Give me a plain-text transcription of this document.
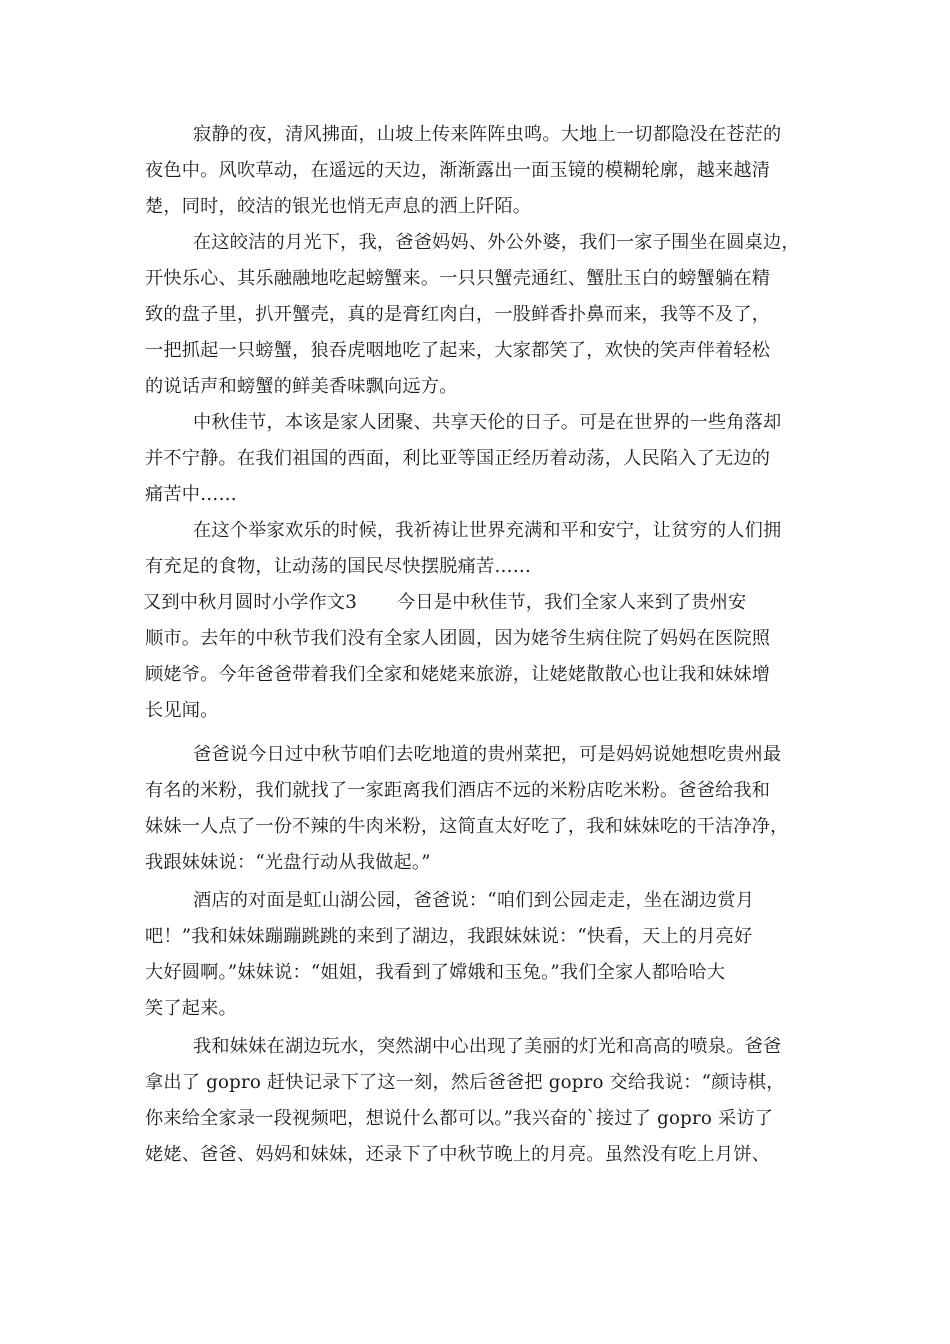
寂静的夜，清风拂面，山坡上传来阵阵虫鸣。大地上一切都隐没在苍茫的
夜色中。风吹草动，在遥远的天边，渐渐露出一面玉镜的模糊轮廓，越来越清
楚，同时，皎洁的银光也悄无声息的洒上阡陌。
在这皎洁的月光下，我，爸爸妈妈、外公外婆，我们一家子围坐在圆桌边，
开快乐心、其乐融融地吃起螃蟹来。一只只蟹壳通红、蟹肚玉白的螃蟹躺在精
致的盘子里，扒开蟹壳，真的是膏红肉白，一股鲜香扑鼻而来，我等不及了，
一把抓起一只螃蟹，狼吞虎咽地吃了起来，大家都笑了，欢快的笑声伴着轻松
的说话声和螃蟹的鲜美香味飘向远方。
中秋佳节，本该是家人团聚、共享天伦的日子。可是在世界的一些角落却
并不宁静。在我们祖国的西面，利比亚等国正经历着动荡，人民陷入了无边的
痛苦中……
在这个举家欢乐的时候，我祈祷让世界充满和平和安宁，让贫穷的人们拥
有充足的食物，让动荡的国民尽快摆脱痛苦……
又到中秋月圆时小学作文3 今日是中秋佳节，我们全家人来到了贵州安
顺市。去年的中秋节我们没有全家人团圆，因为姥爷生病住院了妈妈在医院照
顾姥爷。今年爸爸带着我们全家和姥姥来旅游，让姥姥散散心也让我和妹妹增
长见闻。
爸爸说今日过中秋节咱们去吃地道的贵州菜把，可是妈妈说她想吃贵州最
有名的米粉，我们就找了一家距离我们酒店不远的米粉店吃米粉。爸爸给我和
妹妹一人点了一份不辣的牛肉米粉，这简直太好吃了，我和妹妹吃的干洁净净，
我跟妹妹说：“光盘行动从我做起。”
酒店的对面是虹山湖公园，爸爸说：“咱们到公园走走，坐在湖边赏月
吧！”我和妹妹蹦蹦跳跳的来到了湖边，我跟妹妹说：“快看，天上的月亮好
大好圆啊。”妹妹说：“姐姐，我看到了嫦娥和玉兔。”我们全家人都哈哈大
笑了起来。
我和妹妹在湖边玩水，突然湖中心出现了美丽的灯光和高高的喷泉。爸爸
拿出了 gopro 赶快记录下了这一刻，然后爸爸把 gopro 交给我说：“颜诗棋，
你来给全家录一段视频吧，想说什么都可以。”我兴奋的`接过了 gopro 采访了
姥姥、爸爸、妈妈和妹妹，还录下了中秋节晚上的月亮。虽然没有吃上月饼、
